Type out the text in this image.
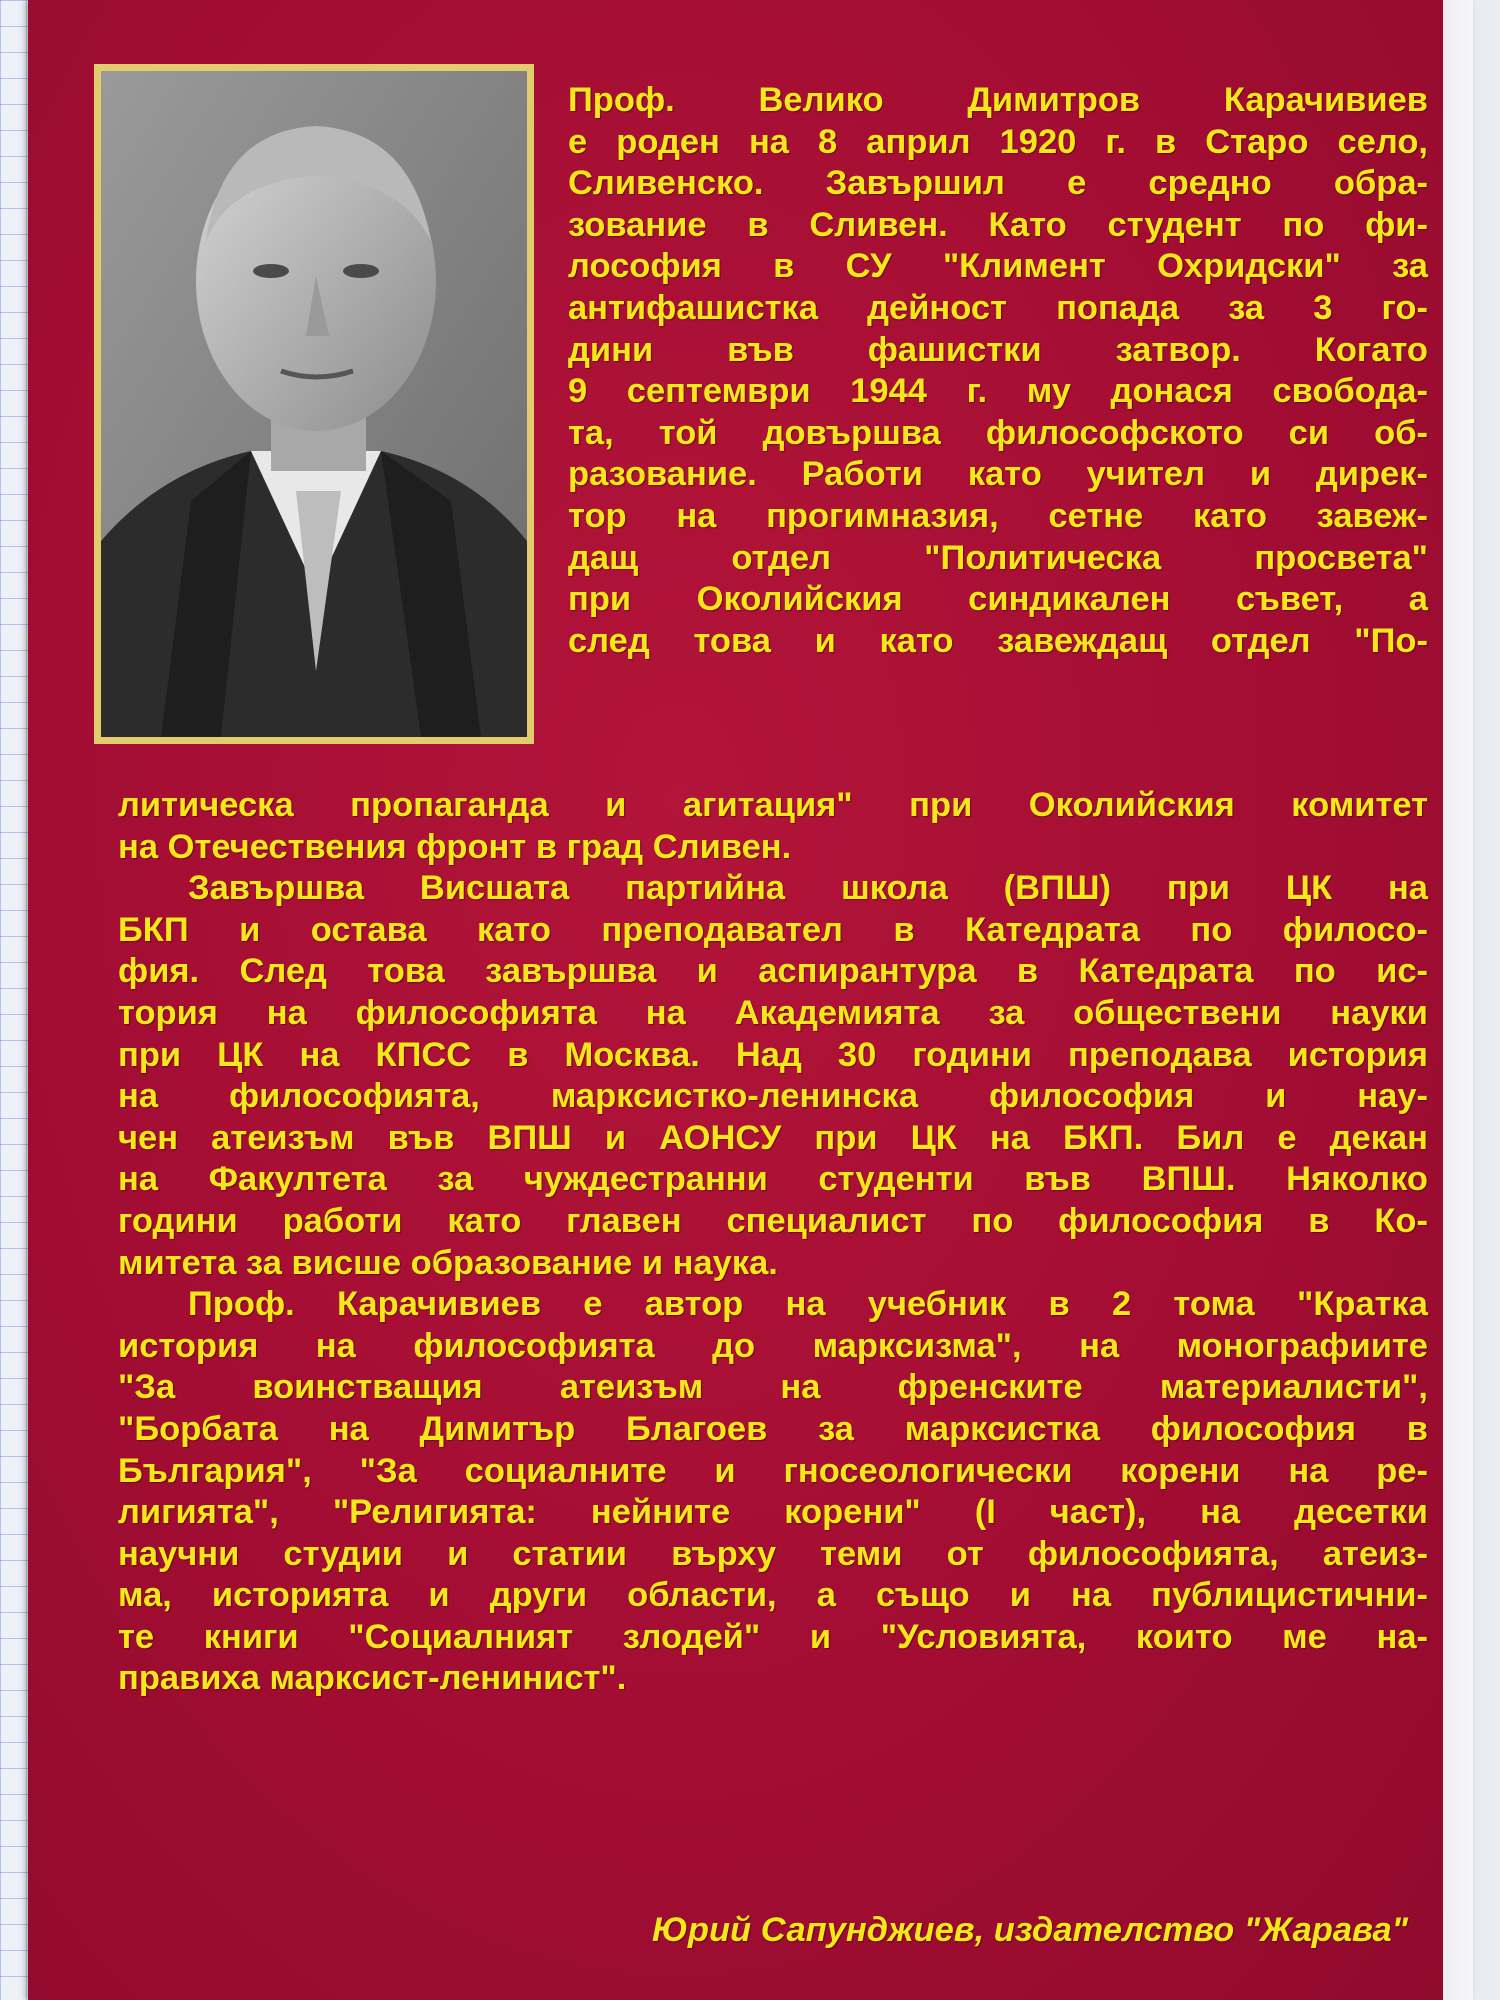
Проф. Велико Димитров Карачивиев
е роден на 8 април 1920 г. в Старо село,
Сливенско. Завършил е средно обра-
зование в Сливен. Като студент по фи-
лософия в СУ "Климент Охридски" за
антифашистка дейност попада за 3 го-
дини във фашистки затвор. Когато
9 септември 1944 г. му донася свобода-
та, той довършва философското си об-
разование. Работи като учител и дирек-
тор на прогимназия, сетне като завеж-
дащ отдел "Политическа просвета"
при Околийския синдикален съвет, а
след това и като завеждащ отдел "По-
литическа пропаганда и агитация" при Околийския комитет
на Отечествения фронт в град Сливен.
Завършва Висшата партийна школа (ВПШ) при ЦК на
БКП и остава като преподавател в Катедрата по филосо-
фия. След това завършва и аспирантура в Катедрата по ис-
тория на философията на Академията за обществени науки
при ЦК на КПСС в Москва. Над 30 години преподава история
на философията, марксистко-ленинска философия и нау-
чен атеизъм във ВПШ и АОНСУ при ЦК на БКП. Бил е декан
на Факултета за чуждестранни студенти във ВПШ. Няколко
години работи като главен специалист по философия в Ко-
митета за висше образование и наука.
Проф. Карачивиев е автор на учебник в 2 тома "Кратка
история на философията до марксизма", на монографиите
"За воинстващия атеизъм на френските материалисти",
"Борбата на Димитър Благоев за марксистка философия в
България", "За социалните и гносеологически корени на ре-
лигията", "Религията: нейните корени" (I част), на десетки
научни студии и статии върху теми от философията, атеиз-
ма, историята и други области, а също и на публицистични-
те книги "Социалният злодей" и "Условията, които ме на-
правиха марксист-ленинист".
Юрий Сапунджиев, издателство "Жарава"
